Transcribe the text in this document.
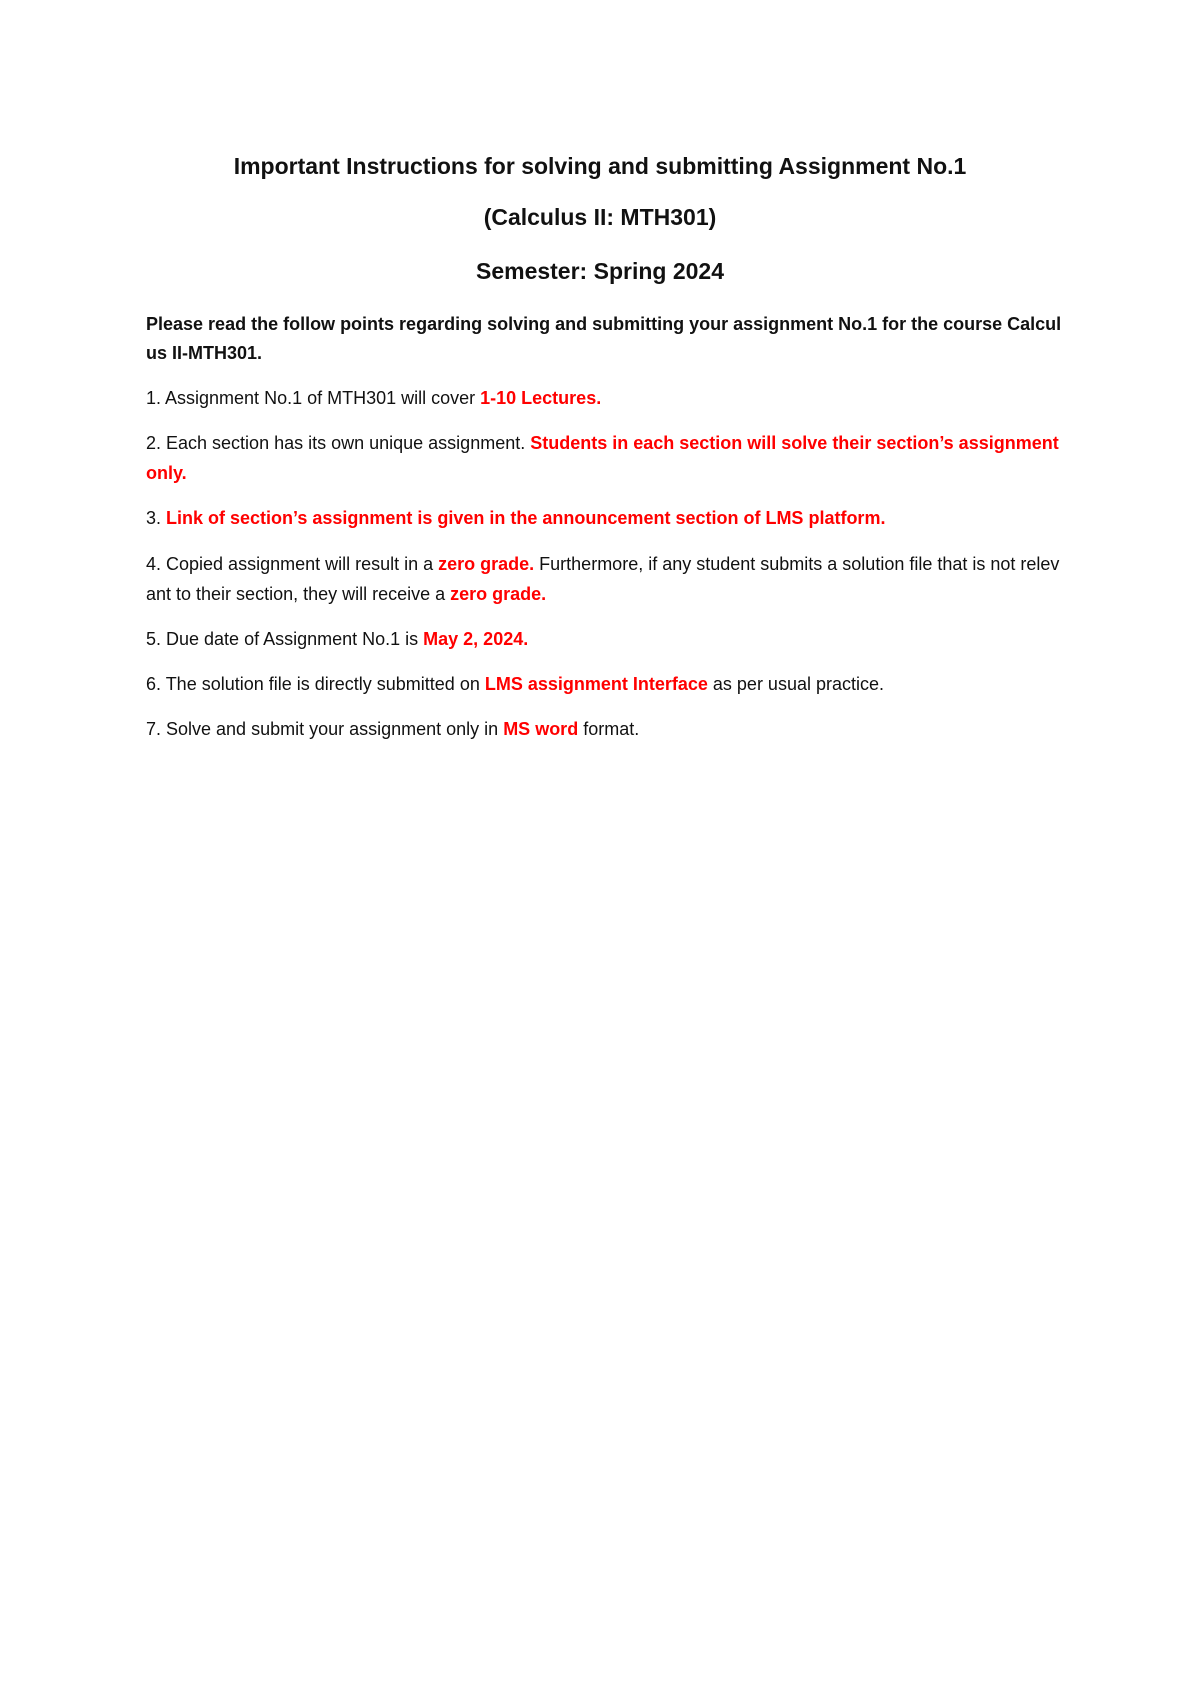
Important Instructions for solving and submitting Assignment No.1
(Calculus II: MTH301)
Semester: Spring 2024

Please read the follow points regarding solving and submitting your assignment No.1 for the course Calculus II-MTH301.

1. Assignment No.1 of MTH301 will cover 1-10 Lectures.

2. Each section has its own unique assignment. Students in each section will solve their section’s assignment only.

3. Link of section’s assignment is given in the announcement section of LMS platform.

4. Copied assignment will result in a zero grade. Furthermore, if any student submits a solution file that is not relevant to their section, they will receive a zero grade.

5. Due date of Assignment No.1 is May 2, 2024.

6. The solution file is directly submitted on LMS assignment Interface as per usual practice.

7. Solve and submit your assignment only in MS word format.
